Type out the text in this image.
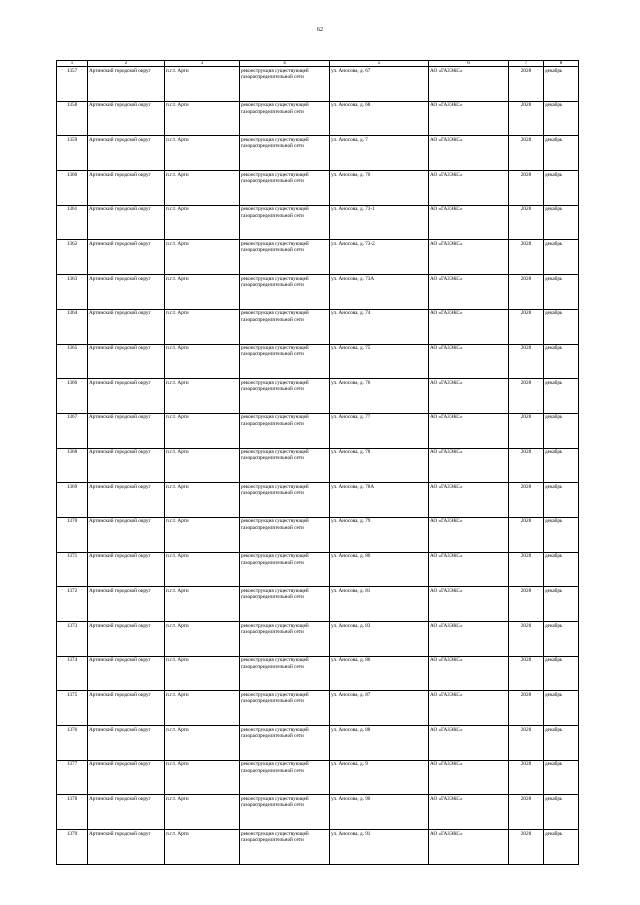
62
1	2	3	4	5	6	7	8
1357	Артинский городской округ	п.г.т. Арти	реконструкция существующей газораспределительной сети	ул. Аносова, д. 67	АО «ГАЗЭКС»	2028	декабрь
1358	Артинский городской округ	п.г.т. Арти	реконструкция существующей газораспределительной сети	ул. Аносова, д. 68	АО «ГАЗЭКС»	2028	декабрь
1359	Артинский городской округ	п.г.т. Арти	реконструкция существующей газораспределительной сети	ул. Аносова, д. 7	АО «ГАЗЭКС»	2028	декабрь
1360	Артинский городской округ	п.г.т. Арти	реконструкция существующей газораспределительной сети	ул. Аносова, д. 70	АО «ГАЗЭКС»	2028	декабрь
1361	Артинский городской округ	п.г.т. Арти	реконструкция существующей газораспределительной сети	ул. Аносова, д. 73-1	АО «ГАЗЭКС»	2028	декабрь
1362	Артинский городской округ	п.г.т. Арти	реконструкция существующей газораспределительной сети	ул. Аносова, д. 73-2	АО «ГАЗЭКС»	2028	декабрь
1363	Артинский городской округ	п.г.т. Арти	реконструкция существующей газораспределительной сети	ул. Аносова, д. 73А	АО «ГАЗЭКС»	2028	декабрь
1364	Артинский городской округ	п.г.т. Арти	реконструкция существующей газораспределительной сети	ул. Аносова, д. 74	АО «ГАЗЭКС»	2028	декабрь
1365	Артинский городской округ	п.г.т. Арти	реконструкция существующей газораспределительной сети	ул. Аносова, д. 75	АО «ГАЗЭКС»	2028	декабрь
1366	Артинский городской округ	п.г.т. Арти	реконструкция существующей газораспределительной сети	ул. Аносова, д. 76	АО «ГАЗЭКС»	2028	декабрь
1367	Артинский городской округ	п.г.т. Арти	реконструкция существующей газораспределительной сети	ул. Аносова, д. 77	АО «ГАЗЭКС»	2028	декабрь
1368	Артинский городской округ	п.г.т. Арти	реконструкция существующей газораспределительной сети	ул. Аносова, д. 78	АО «ГАЗЭКС»	2028	декабрь
1369	Артинский городской округ	п.г.т. Арти	реконструкция существующей газораспределительной сети	ул. Аносова, д. 78А	АО «ГАЗЭКС»	2028	декабрь
1370	Артинский городской округ	п.г.т. Арти	реконструкция существующей газораспределительной сети	ул. Аносова, д. 79	АО «ГАЗЭКС»	2028	декабрь
1371	Артинский городской округ	п.г.т. Арти	реконструкция существующей газораспределительной сети	ул. Аносова, д. 80	АО «ГАЗЭКС»	2028	декабрь
1372	Артинский городской округ	п.г.т. Арти	реконструкция существующей газораспределительной сети	ул. Аносова, д. 81	АО «ГАЗЭКС»	2028	декабрь
1373	Артинский городской округ	п.г.т. Арти	реконструкция существующей газораспределительной сети	ул. Аносова, д. 83	АО «ГАЗЭКС»	2028	декабрь
1374	Артинский городской округ	п.г.т. Арти	реконструкция существующей газораспределительной сети	ул. Аносова, д. 86	АО «ГАЗЭКС»	2028	декабрь
1375	Артинский городской округ	п.г.т. Арти	реконструкция существующей газораспределительной сети	ул. Аносова, д. 87	АО «ГАЗЭКС»	2028	декабрь
1376	Артинский городской округ	п.г.т. Арти	реконструкция существующей газораспределительной сети	ул. Аносова, д. 88	АО «ГАЗЭКС»	2028	декабрь
1377	Артинский городской округ	п.г.т. Арти	реконструкция существующей газораспределительной сети	ул. Аносова, д. 9	АО «ГАЗЭКС»	2028	декабрь
1378	Артинский городской округ	п.г.т. Арти	реконструкция существующей газораспределительной сети	ул. Аносова, д. 90	АО «ГАЗЭКС»	2028	декабрь
1379	Артинский городской округ	п.г.т. Арти	реконструкция существующей газораспределительной сети	ул. Аносова, д. 91	АО «ГАЗЭКС»	2028	декабрь
